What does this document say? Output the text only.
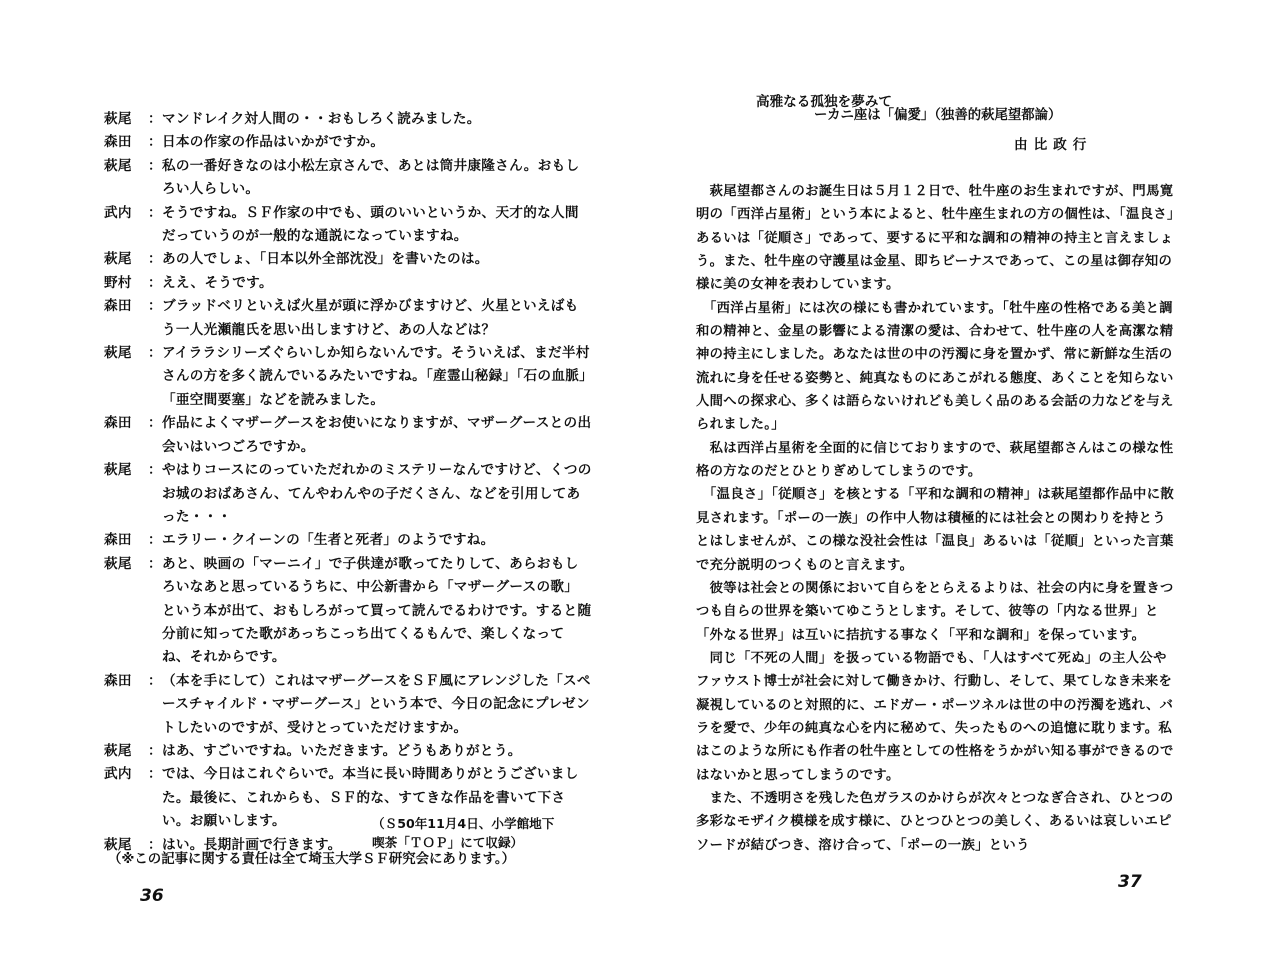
萩尾	： マンドレイク対人間の・・おもしろく読みました。
森田	： 日本の作家の作品はいかがですか。
萩尾	： 私の一番好きなのは小松左京さんで、あとは筒井康隆さん。おもしろい人らしい。
武内	： そうですね。ＳＦ作家の中でも、頭のいいというか、天才的な人間だっていうのが一般的な通説になっていますね。
萩尾	： あの人でしょ、「日本以外全部沈没」を書いたのは。
野村	： ええ、そうです。
森田	： ブラッドベリといえば火星が頭に浮かびますけど、火星といえばもう一人光瀬龍氏を思い出しますけど、あの人などは？
萩尾	： アイララシリーズぐらいしか知らないんです。そういえば、まだ半村さんの方を多く読んでいるみたいですね。「産霊山秘録」「石の血脈」「亜空間要塞」などを読みました。
森田	： 作品によくマザーグースをお使いになりますが、マザーグースとの出会いはいつごろですか。
萩尾	： やはりコースにのっていただれかのミステリーなんですけど、くつのお城のおばあさん、てんやわんやの子だくさん、などを引用してあった・・・
森田	： エラリー・クイーンの「生者と死者」のようですね。
萩尾	： あと、映画の「マーニイ」で子供達が歌ってたりして、あらおもしろいなあと思っているうちに、中公新書から「マザーグースの歌」という本が出て、おもしろがって買って読んでるわけです。すると随分前に知ってた歌があっちこっち出てくるもんで、楽しくなってね、それからです。
森田	： （本を手にして）これはマザーグースをＳＦ風にアレンジした「スペースチャイルド・マザーグース」という本で、今日の記念にプレゼントしたいのですが、受けとっていただけますか。
萩尾	： はあ、すごいですね。いただきます。どうもありがとう。
武内	： では、今日はこれぐらいで。本当に長い時間ありがとうございました。最後に、これからも、ＳＦ的な、すてきな作品を書いて下さい。お願いします。
萩尾	： はい。長期計画で行きます。
（Ｓ50年11月4日、小学館地下
喫茶「ＴＯＰ」にて収録）
（※この記事に関する責任は全て埼玉大学ＳＦ研究会にあります。）
36
高雅なる孤独を夢みて
ーカニ座は「偏愛」（独善的萩尾望都論）
由比政行

　萩尾望都さんのお誕生日は５月１２日で、牡牛座のお生まれですが、門馬寛明の「西洋占星術」という本によると、牡牛座生まれの方の個性は、「温良さ」あるいは「従順さ」であって、要するに平和な調和の精神の持主と言えましょう。また、牡牛座の守護星は金星、即ちビーナスであって、この星は御存知の様に美の女神を表わしています。

　「西洋占星術」には次の様にも書かれています。「牡牛座の性格である美と調和の精神と、金星の影響による清潔の愛は、合わせて、牡牛座の人を高潔な精神の持主にしました。あなたは世の中の汚濁に身を置かず、常に新鮮な生活の流れに身を任せる姿勢と、純真なものにあこがれる態度、あくことを知らない人間への探求心、多くは語らないけれども美しく品のある会話の力などを与えられました。」

　私は西洋占星術を全面的に信じておりますので、萩尾望都さんはこの様な性格の方なのだとひとりぎめしてしまうのです。

　「温良さ」「従順さ」を核とする「平和な調和の精神」は萩尾望都作品中に散見されます。「ポーの一族」の作中人物は積極的には社会との関わりを持とうとはしませんが、この様な没社会性は「温良」あるいは「従順」といった言葉で充分説明のつくものと言えます。

　彼等は社会との関係において自らをとらえるよりは、社会の内に身を置きつつも自らの世界を築いてゆこうとします。そして、彼等の「内なる世界」と「外なる世界」は互いに拮抗する事なく「平和な調和」を保っています。

　同じ「不死の人間」を扱っている物語でも、「人はすべて死ぬ」の主人公やファウスト博士が社会に対して働きかけ、行動し、そして、果てしなき未来を凝視しているのと対照的に、エドガー・ポーツネルは世の中の汚濁を逃れ、バラを愛で、少年の純真な心を内に秘めて、失ったものへの追憶に耽ります。私はこのような所にも作者の牡牛座としての性格をうかがい知る事ができるのではないかと思ってしまうのです。

　また、不透明さを残した色ガラスのかけらが次々とつなぎ合され、ひとつの多彩なモザイク模様を成す様に、ひとつひとつの美しく、あるいは哀しいエピソードが結びつき、溶け合って、「ポーの一族」という

37
